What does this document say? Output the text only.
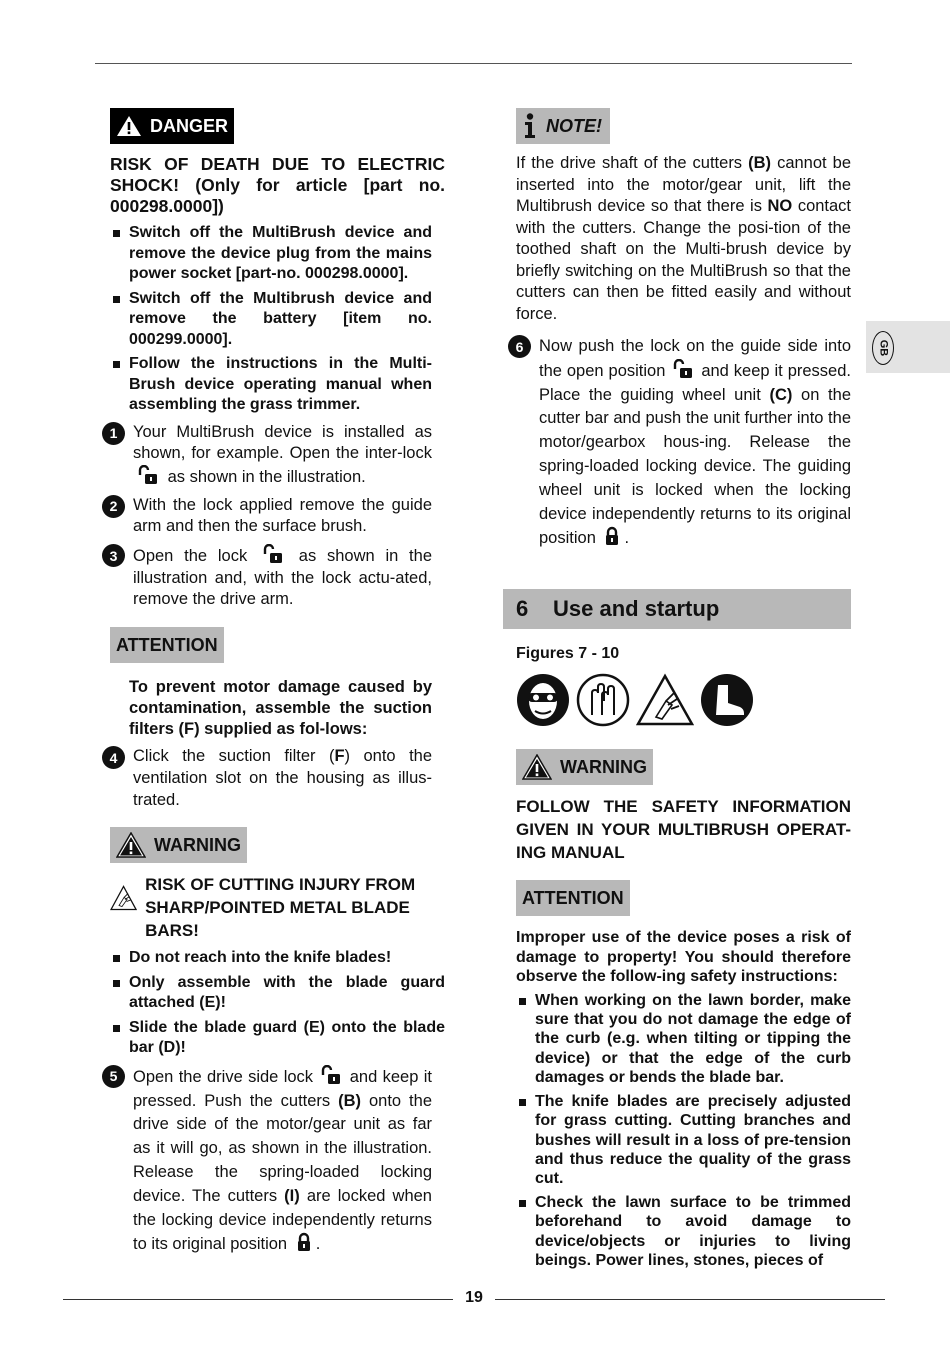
DANGER
RISK OF DEATH DUE TO ELECTRIC SHOCK! (Only for article [part no. 000298.0000])
Switch off the MultiBrush device and remove the device plug from the mains power socket [part-no. 000298.0000].
Switch off the Multibrush device and remove the battery [item no. 000299.0000].
Follow the instructions in the Multi-Brush device operating manual when assembling the grass trimmer.
1 Your MultiBrush device is installed as shown, for example. Open the inter-lock  as shown in the illustration.

2 With the lock applied remove the guide arm and then the surface brush.

3 Open the lock	as shown in the illustration and, with the lock actu-ated, remove the drive arm.

ATTENTION
To prevent motor damage caused by contamination, assemble the suction filters (F) supplied as fol-lows:
4 Click the suction filter (F) onto the ventilation slot on the housing as illus-trated.

WARNING
RISK OF CUTTING INJURY FROM SHARP/POINTED METAL BLADE BARS!
Do not reach into the knife blades!
Only assemble with the blade guard attached (E)!
Slide the blade guard (E) onto the blade bar (D)!
5 Open the drive side lock and keep it pressed. Push the cutters (B) onto the drive side of the motor/gear unit as far as it will go, as shown in the illustration. Release the spring-loaded locking device. The cutters (I) are locked when the locking device independently returns to its original position .

NOTE!

If the drive shaft of the cutters (B) cannot be inserted into the motor/gear unit, lift the Multibrush device so that there is NO contact with the cutters. Change the posi-tion of the toothed shaft on the Multi-brush device by briefly switching on the MultiBrush so that the cutters can then be fitted easily and without force.

6 Now push the lock on the guide side into the open position and keep it pressed. Place the guiding wheel unit (C) on the cutter bar and push the unit further into the motor/gearbox hous-ing. Release the spring-loaded locking device. The guiding wheel unit is locked when the locking device independently returns to its original position .

6	Use and startup
Figures 7 - 10
WARNING
FOLLOW THE SAFETY INFORMATION GIVEN IN YOUR MULTIBRUSH OPERAT-ING MANUAL
ATTENTION
Improper use of the device poses a risk of damage to property! You should therefore observe the follow-ing safety instructions:
When working on the lawn border, make sure that you do not damage the edge of the curb (e.g. when tilting or tipping the device) or that the edge of the curb damages or bends the blade bar.
The knife blades are precisely adjusted for grass cutting. Cutting branches and bushes will result in a loss of pre-tension and thus reduce the quality of the grass cut.
Check the lawn surface to be trimmed beforehand to avoid damage to device/objects or injuries to living beings. Power lines, stones, pieces of
GB
19
